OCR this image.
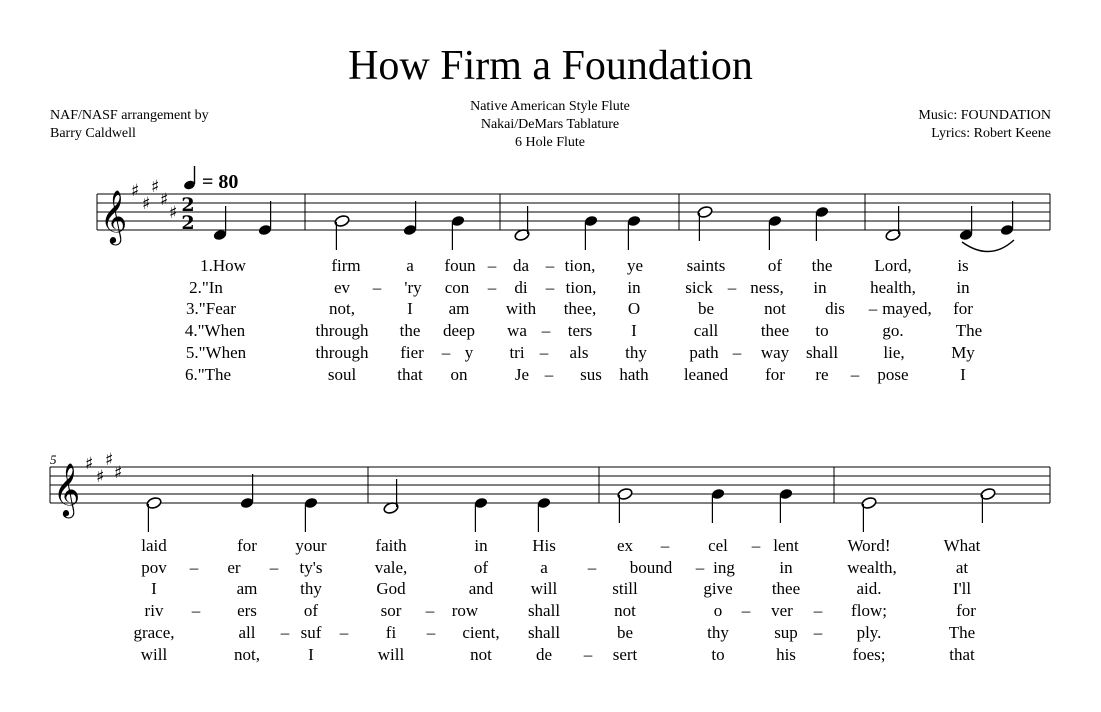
How Firm a Foundation
NAF/NASF arrangement by
Barry Caldwell
Native American Style Flute
Nakai/DeMars Tablature
6 Hole Flute
Music: FOUNDATION
Lyrics: Robert Keene
= 80
5
𝄞 ♯
♯
♯
♯
♯ 2
2
𝄞 ♯
♯
♯
♯
1.How	firm	a foun – da – tion, ye	saints	of the Lord,	is
2."In	ev – 'ry con – di – tion, in	sick – ness, in	health, in
3."Fear	not,	I am with thee, O	be	not dis – mayed, for
4."When	through the deep wa – ters I	call	thee to	go.	The
5."When	through fier – y tri – als thy path – way shall	lie,	My
6."The	soul that on	Je – sus hath leaned for re – pose	I
laid	for your	faith	in	His	ex – cel – lent	Word!	What
pov – er – ty's	vale,	of	a – bound – ing	in	wealth,	at
I	am	thy	God	and will	still	give thee	aid.	I'll
riv – ers	of	sor – row	shall	not	o – ver – flow;	for
grace,	all – suf – fi – cient, shall	be	thy	sup – ply.	The
will	not,	I	will	not	de – sert	to	his	foes;	that
